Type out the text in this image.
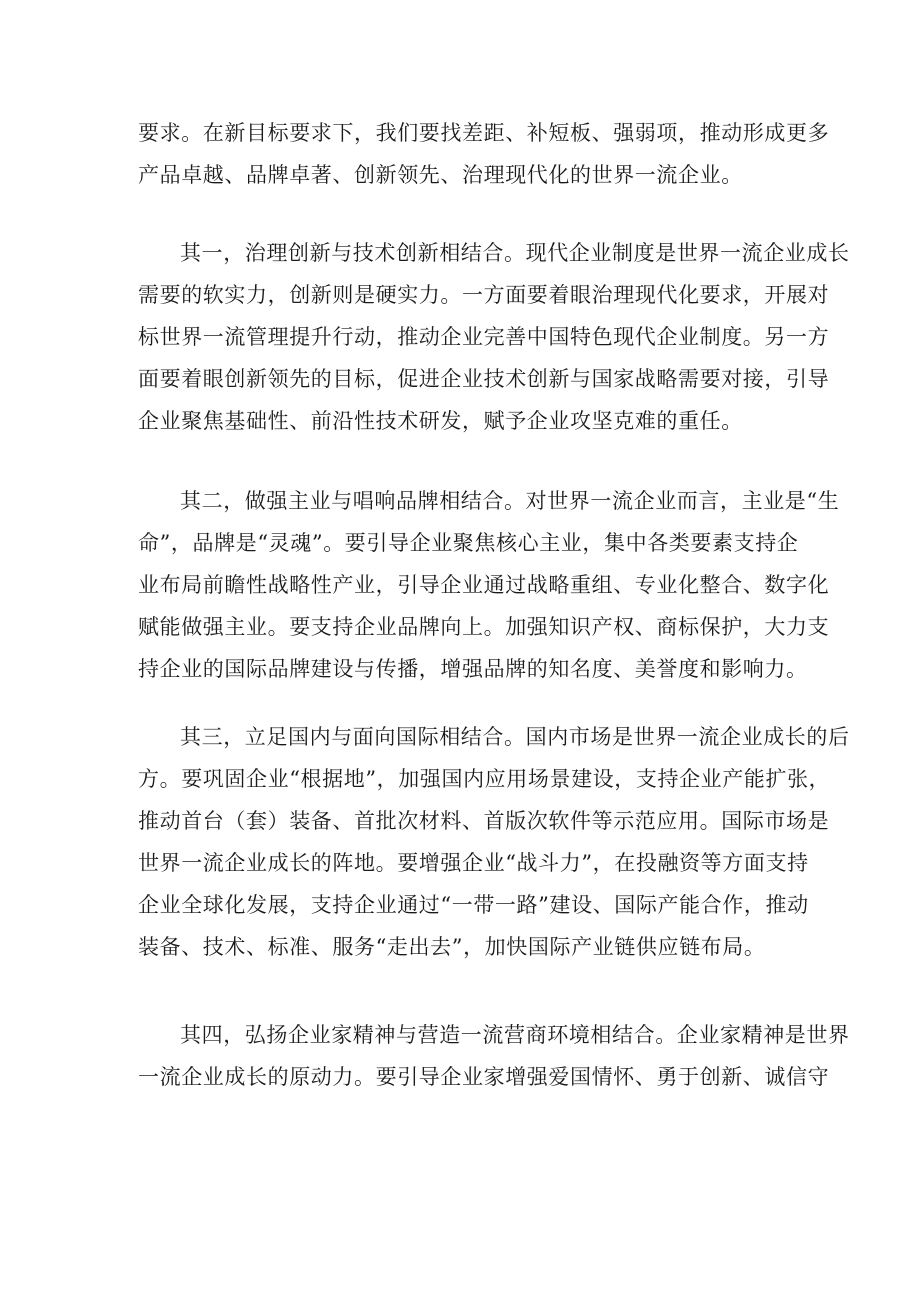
要求。在新目标要求下，我们要找差距、补短板、强弱项，推动形成更多
产品卓越、品牌卓著、创新领先、治理现代化的世界一流企业。

其一，治理创新与技术创新相结合。现代企业制度是世界一流企业成长
需要的软实力，创新则是硬实力。一方面要着眼治理现代化要求，开展对
标世界一流管理提升行动，推动企业完善中国特色现代企业制度。另一方
面要着眼创新领先的目标，促进企业技术创新与国家战略需要对接，引导
企业聚焦基础性、前沿性技术研发，赋予企业攻坚克难的重任。

其二，做强主业与唱响品牌相结合。对世界一流企业而言，主业是“生
命”，品牌是“灵魂”。要引导企业聚焦核心主业，集中各类要素支持企
业布局前瞻性战略性产业，引导企业通过战略重组、专业化整合、数字化
赋能做强主业。要支持企业品牌向上。加强知识产权、商标保护，大力支
持企业的国际品牌建设与传播，增强品牌的知名度、美誉度和影响力。

其三，立足国内与面向国际相结合。国内市场是世界一流企业成长的后
方。要巩固企业“根据地”，加强国内应用场景建设，支持企业产能扩张，
推动首台（套）装备、首批次材料、首版次软件等示范应用。国际市场是
世界一流企业成长的阵地。要增强企业“战斗力”，在投融资等方面支持
企业全球化发展，支持企业通过“一带一路”建设、国际产能合作，推动
装备、技术、标准、服务“走出去”，加快国际产业链供应链布局。

其四，弘扬企业家精神与营造一流营商环境相结合。企业家精神是世界
一流企业成长的原动力。要引导企业家增强爱国情怀、勇于创新、诚信守
